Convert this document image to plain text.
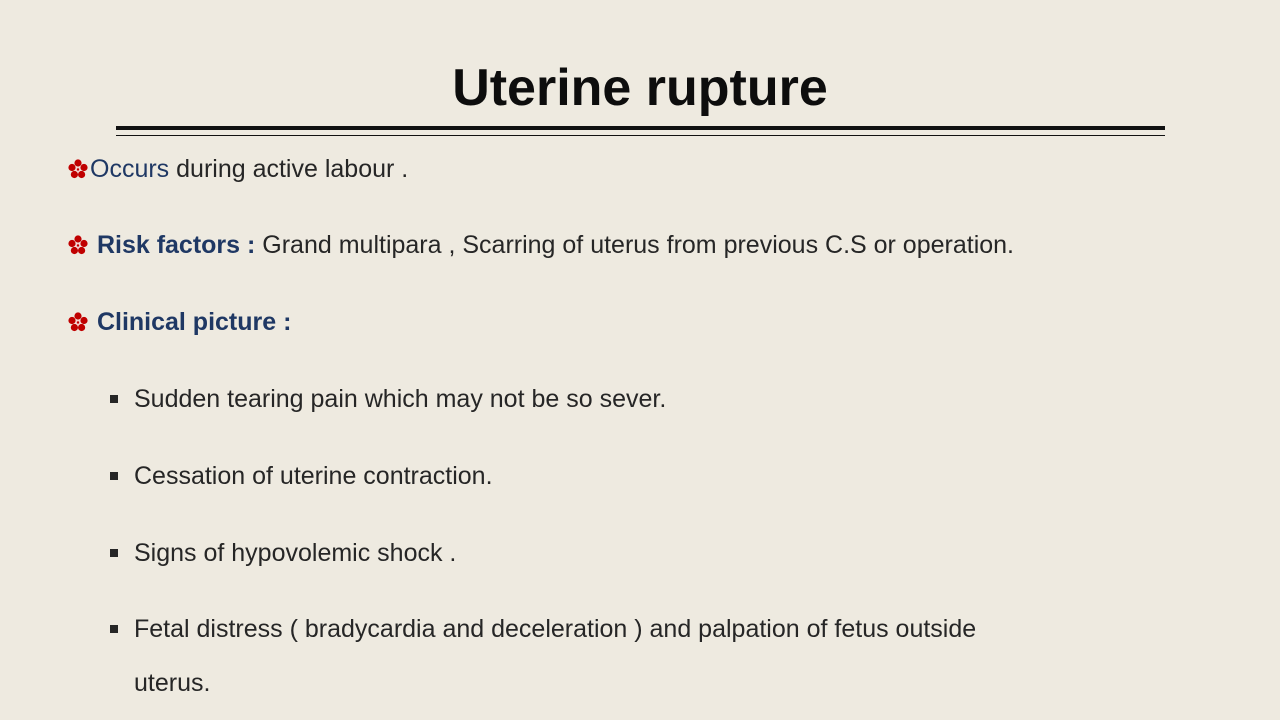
Uterine rupture
Occurs during active labour .
Risk factors : Grand multipara , Scarring of uterus from previous C.S or operation.
Clinical picture :
Sudden tearing pain which may not be so sever.
Cessation of uterine contraction.
Signs of hypovolemic shock .
Fetal distress ( bradycardia and deceleration ) and palpation of fetus outside
uterus.
